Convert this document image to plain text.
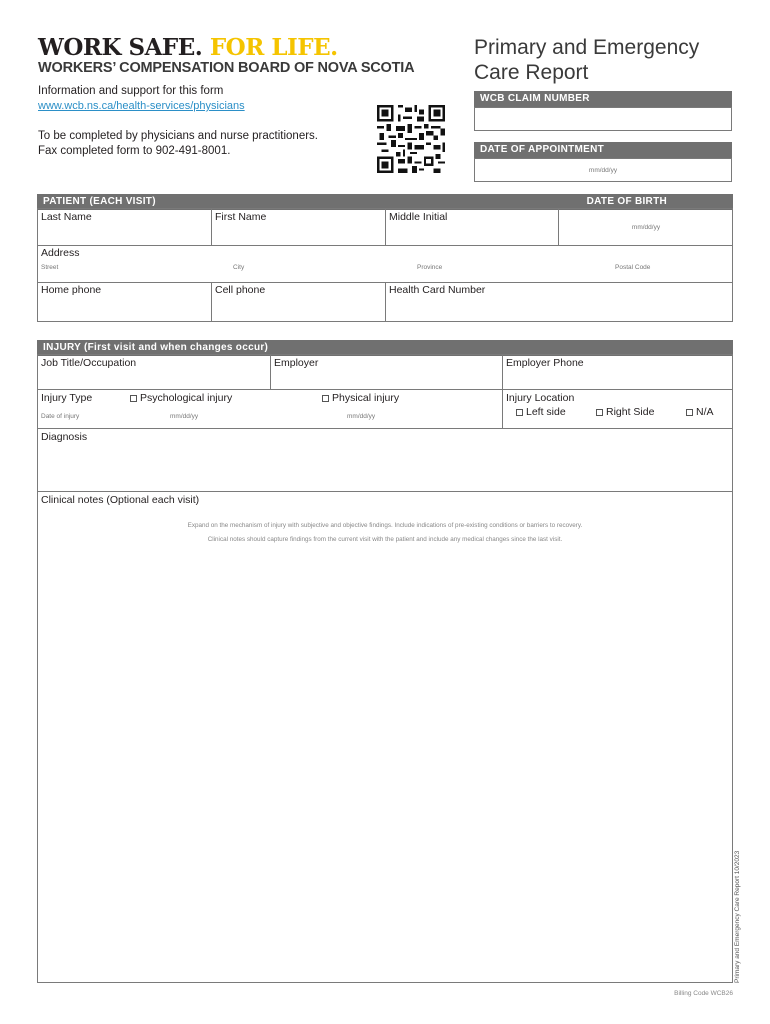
WORK SAFE. FOR LIFE.
WORKERS’ COMPENSATION BOARD OF NOVA SCOTIA
Primary and Emergency
Care Report
Information and support for this form
www.wcb.ns.ca/health-services/physicians
To be completed by physicians and nurse practitioners.
Fax completed form to 902-491-8001.
WCB CLAIM NUMBER
DATE OF APPOINTMENT
mm/dd/yy
PATIENT (EACH VISIT)	DATE OF BIRTH
Last Name	First Name	Middle Initial
mm/dd/yy
Address
Street	City	Province	Postal Code
Home phone	Cell phone	Health Card Number
INJURY (First visit and when changes occur)
Job Title/Occupation	Employer	Employer Phone
Injury Type	Psychological injury	Physical injury
Date of injury	mm/dd/yy	mm/dd/yy
Injury Location
Left side	Right Side	N/A
Diagnosis
Clinical notes (Optional each visit)
Expand on the mechanism of injury with subjective and objective findings. Include indications of pre-existing conditions or barriers to recovery.
Clinical notes should capture findings from the current visit with the patient and include any medical changes since the last visit.
Primary and Emergency Care Report 10/2023
Billing Code WCB26
